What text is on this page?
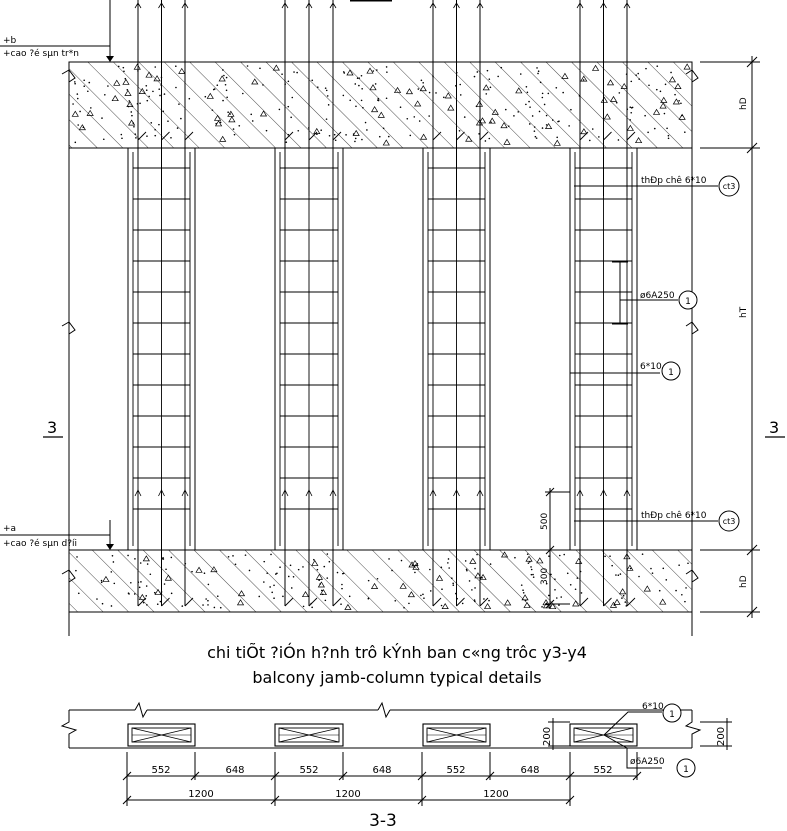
+b
+cao ?é sµn tr*n
+a
+cao ?é sµn d?íi
3	3
hD
hT
hD
500
300
thÐp chê 6*10
ct3
ø6A250
1
6*10
1
thÐp chê 6*10
ct3
chi tiÕt ?iÓn h?nh trô kÝnh ban c«ng trôc y3-y4
balcony jamb-column typical details
552	648	552	648	552	648	552
1200	1200	1200
200	200
6*10
1
ø6A250
1
3-3
